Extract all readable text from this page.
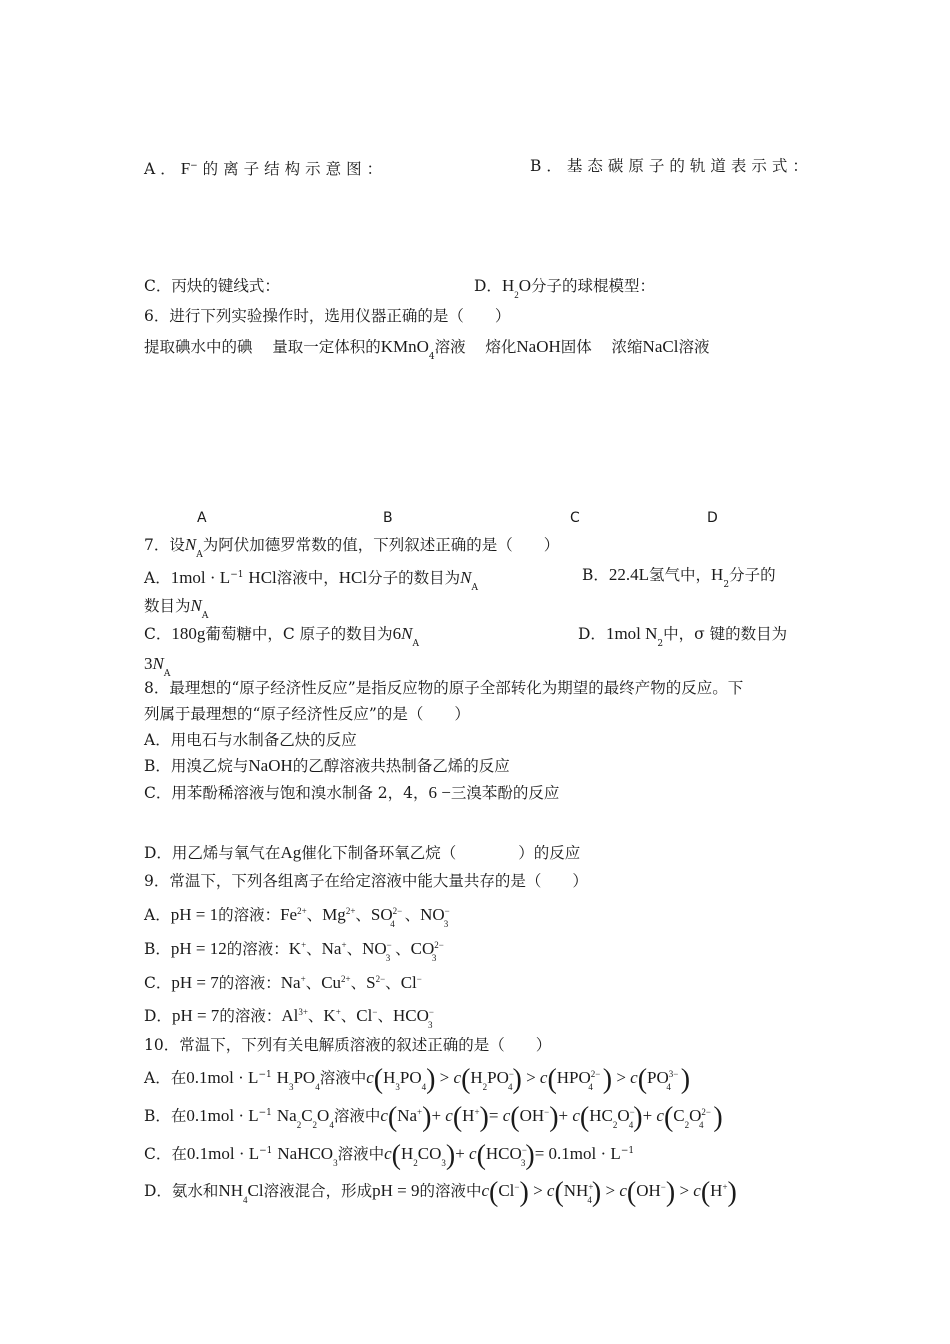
A．F− 的离子结构示意图：	B．基态碳原子的轨道表示式：
C．丙炔的键线式：	D．$H_2O$分子的球棍模型：
6．进行下列实验操作时，选用仪器正确的是（　　）
提取碘水中的碘 量取一定体积的KMnO$_4$溶液 熔化NaOH固体 浓缩NaCl溶液
A	B	C	D
7．设$N_A$为阿伏加德罗常数的值，下列叙述正确的是（　　）
A．$1mol \cdot L^{-1}$ HCl溶液中，HCl分子的数目为$N_A$
B．22.4L氢气中，$H_2$分子的
数目为$N_A$
C．180g葡萄糖中，C 原子的数目为$6N_A$
D．1mol $N_2$中，σ 键的数目为
$3N_A$
8．最理想的“原子经济性反应”是指反应物的原子全部转化为期望的最终产物的反应。下
列属于最理想的“原子经济性反应”的是（　　）
A．用电石与水制备乙炔的反应
B．用溴乙烷与NaOH的乙醇溶液共热制备乙烯的反应
C．用苯酚稀溶液与饱和溴水制备 2，4，6 −三溴苯酚的反应
D．用乙烯与氧气在Ag催化下制备环氧乙烷（　　　　）的反应
9．常温下，下列各组离子在给定溶液中能大量共存的是（　　）
A．pH = 1的溶液：$Fe^{2+}$、$Mg^{2+}$、$SO^{2-}_4$ 、$NO^-_3$
B．pH = 12的溶液：K+、Na+、$NO^-_3$ 、$CO^{2-}_3$
C．pH = 7的溶液：Na+、$Cu^{2+}$、$S^{2-}$、Cl−
D．pH = 7的溶液：$Al^{3+}$、K+、Cl−、$HCO^-_3$
10．常温下，下列有关电解质溶液的叙述正确的是（　　）
A．在$0.1mol \cdot L^{-1}$ $H_3PO_4$溶液中$c(H_3PO_4) > c(H_2PO^-_4) > c(HPO^{2-}_4$ ) > $c(PO^{3-}_4$ )
B．在$0.1mol \cdot L^{-1}$ $Na_2C_2O_4$溶液中$c(Na^+)+ c(H^+)= c(OH^-)+ c(HC_2O^-_4)+ c(C_2O^{2-}_4$ )
C．在$0.1mol \cdot L^{-1}$ NaHCO$_3$溶液中$c(H_2CO_3)+ c(HCO^-_3)= 0.1mol \cdot L^{-1}$
D．氨水和$NH_4Cl$溶液混合，形成pH = 9的溶液中$c(Cl^-) > c(NH^+_4) > c(OH^-) > c(H^+)$
